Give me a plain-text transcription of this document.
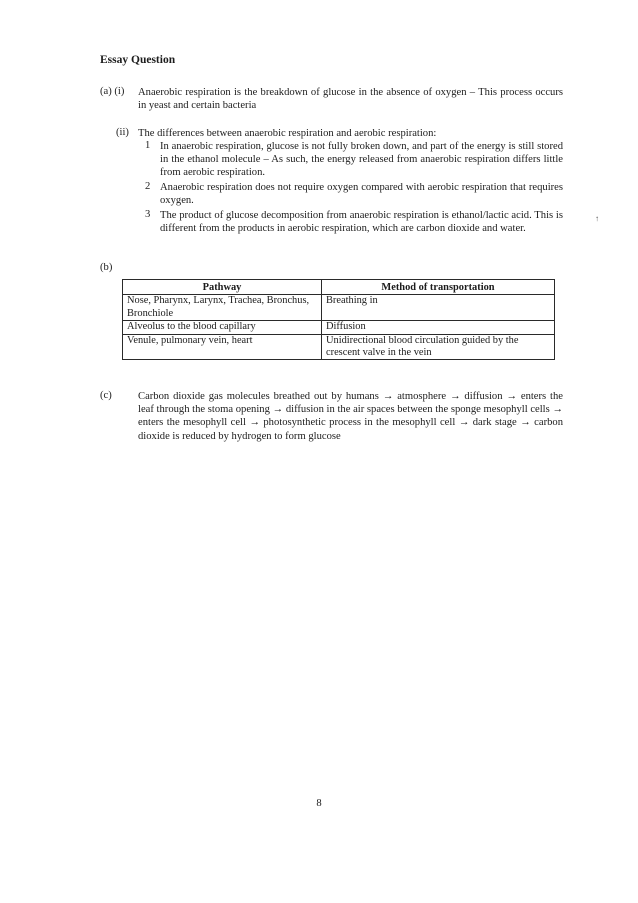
Essay Question
(a) (i) Anaerobic respiration is the breakdown of glucose in the absence of oxygen – This process occurs in yeast and certain bacteria
(ii) The differences between anaerobic respiration and aerobic respiration:
1 In anaerobic respiration, glucose is not fully broken down, and part of the energy is still stored in the ethanol molecule – As such, the energy released from anaerobic respiration differs little from aerobic respiration.
2 Anaerobic respiration does not require oxygen compared with aerobic respiration that requires oxygen.
3 The product of glucose decomposition from anaerobic respiration is ethanol/lactic acid. This is different from the products in aerobic respiration, which are carbon dioxide and water.
↑
(b)
Pathway	Method of transportation
Nose, Pharynx, Larynx, Trachea, Bronchus, Bronchiole	Breathing in
Alveolus to the blood capillary	Diffusion
Venule, pulmonary vein, heart	Unidirectional blood circulation guided by the crescent valve in the vein
(c) Carbon dioxide gas molecules breathed out by humans → atmosphere → diffusion → enters the leaf through the stoma opening → diffusion in the air spaces between the sponge mesophyll cells → enters the mesophyll cell → photosynthetic process in the mesophyll cell → dark stage → carbon dioxide is reduced by hydrogen to form glucose
8
